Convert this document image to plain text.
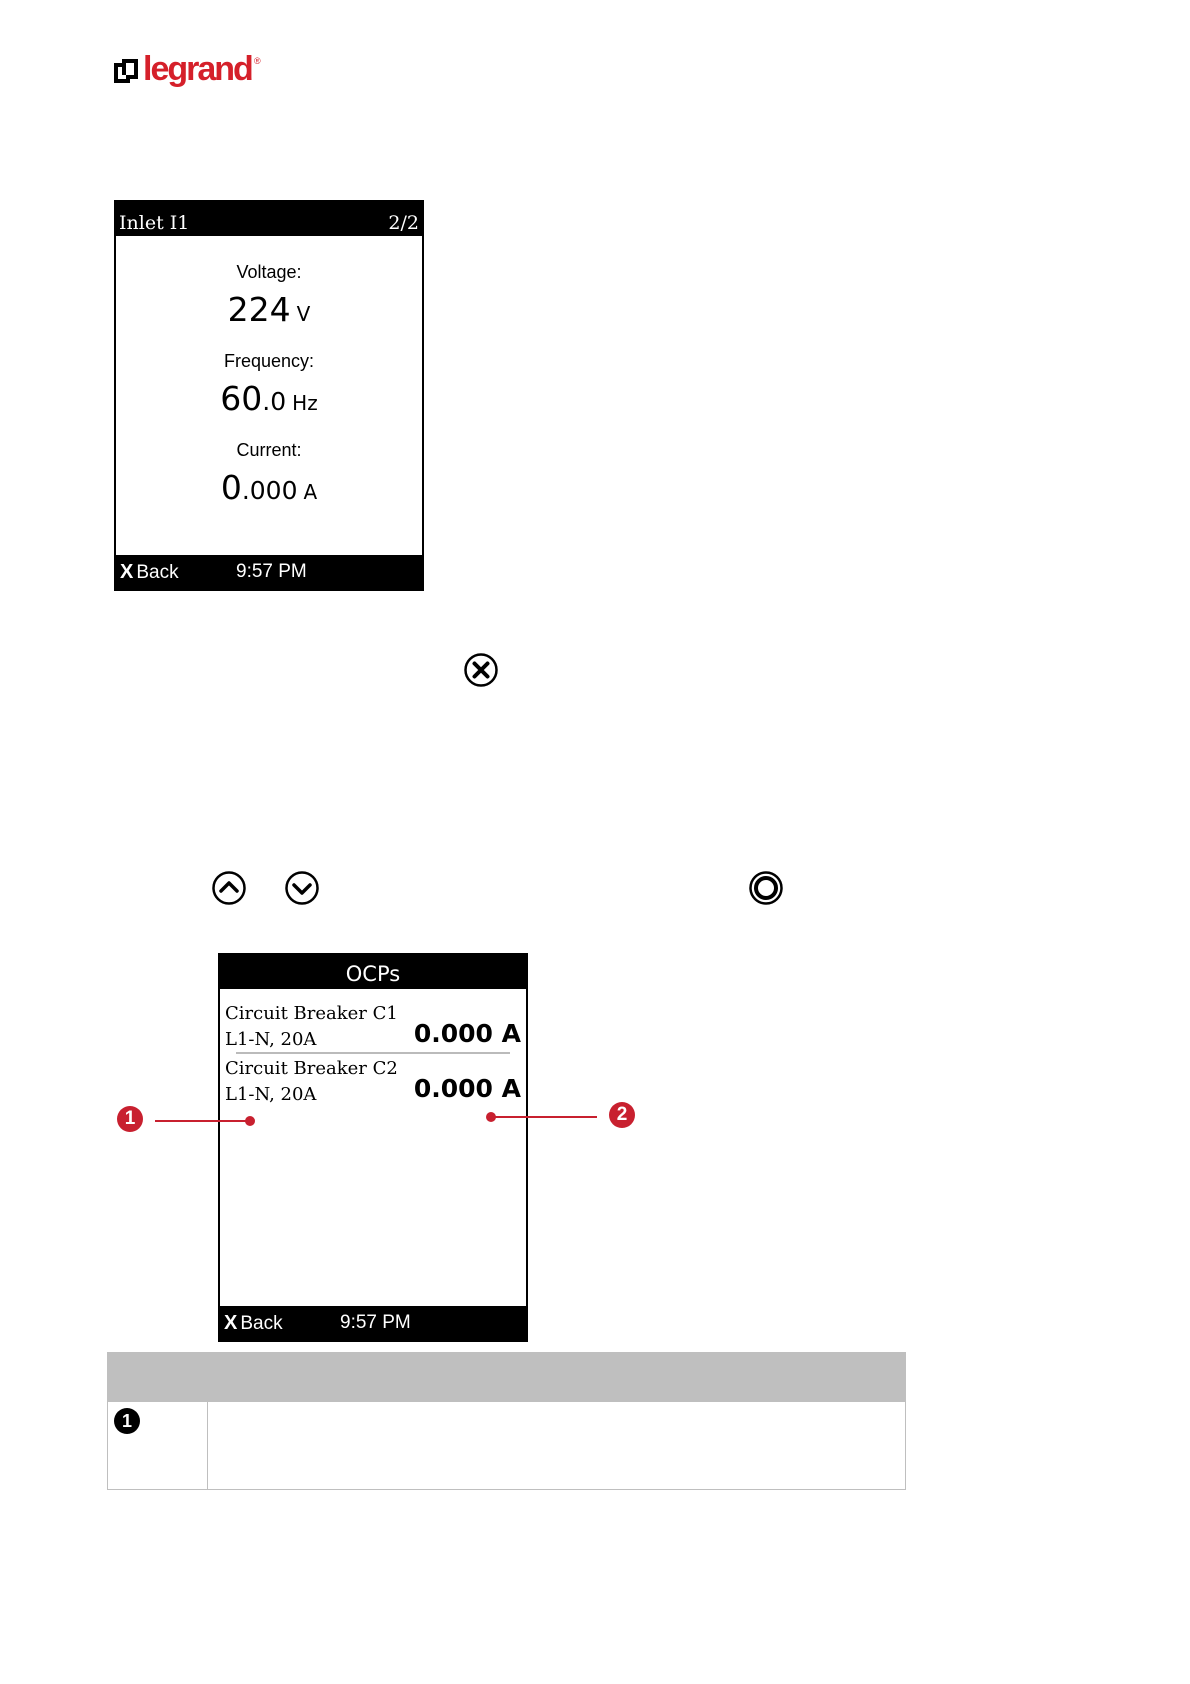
legrand ®
Inlet I1	2/2
Voltage:
224 V
Frequency:
60.0 Hz
Current:
0.000 A
X Back	9:57 PM
OCPs
Circuit Breaker C1
L1-N, 20A	0.000 A
Circuit Breaker C2
L1-N, 20A	0.000 A
X Back	9:57 PM
1	2
1
